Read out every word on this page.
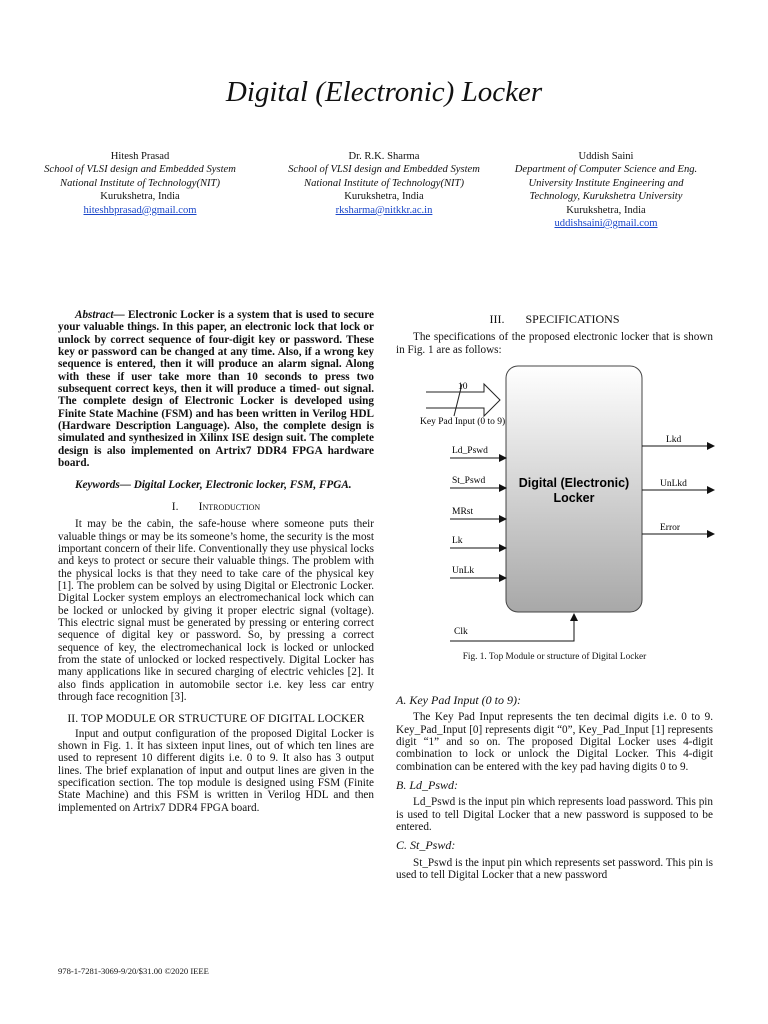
Digital (Electronic) Locker
Hitesh Prasad
School of VLSI design and Embedded System
National Institute of Technology(NIT)
Kurukshetra, India
hiteshbprasad@gmail.com
Dr. R.K. Sharma
School of VLSI design and Embedded System
National Institute of Technology(NIT)
Kurukshetra, India
rksharma@nitkkr.ac.in
Uddish Saini
Department of Computer Science and Eng.
University Institute Engineering and
Technology, Kurukshetra University
Kurukshetra, India
uddishsaini@gmail.com

Abstract— Electronic Locker is a system that is used to secure your valuable things. In this paper, an electronic lock that lock or unlock by correct sequence of four-digit key or password. These key or password can be changed at any time. Also, if a wrong key sequence is entered, then it will produce an alarm signal. Along with these if user take more than 10 seconds to press two subsequent correct keys, then it will produce a timed- out signal. The complete design of Electronic Locker is developed using Finite State Machine (FSM) and has been written in Verilog HDL (Hardware Description Language). Also, the complete design is simulated and synthesized in Xilinx ISE design suit. The complete design is also implemented on Artrix7 DDR4 FPGA hardware board.

Keywords— Digital Locker, Electronic locker, FSM, FPGA.

I. Introduction

It may be the cabin, the safe-house where someone puts their valuable things or may be its someone’s home, the security is the most important concern of their life. Conventionally they use physical locks and keys to protect or secure their valuable things. The problem with the physical locks is that they need to take care of the physical key [1]. The problem can be solved by using Digital or Electronic Locker. Digital Locker system employs an electromechanical lock which can be locked or unlocked by giving it proper electric signal (voltage). This electric signal must be generated by pressing or entering correct sequence of digital key or password. So, by pressing a correct sequence of key, the electromechanical lock is locked or unlocked from the state of unlocked or locked respectively. Digital Locker has many applications like in secured charging of electric vehicles [2]. It also finds application in automobile sector i.e. key less car entry through face recognition [3].

II. TOP MODULE OR STRUCTURE OF DIGITAL LOCKER

Input and output configuration of the proposed Digital Locker is shown in Fig. 1. It has sixteen input lines, out of which ten lines are used to represent 10 different digits i.e. 0 to 9. It also has 3 output lines. The brief explanation of input and output lines are given in the specification section. The top module is designed using FSM (Finite State Machine) and this FSM is written in Verilog HDL and then implemented on Artrix7 DDR4 FPGA board.

III. SPECIFICATIONS

The specifications of the proposed electronic locker that is shown in Fig. 1 are as follows:

Digital (Electronic)
Locker
10
Key Pad Input (0 to 9)
Ld_Pswd
St_Pswd
MRst
Lk
UnLk
Clk
Lkd
UnLkd
Error
Fig. 1. Top Module or structure of Digital Locker
A. Key Pad Input (0 to 9):

The Key Pad Input represents the ten decimal digits i.e. 0 to 9. Key_Pad_Input [0] represents digit “0”, Key_Pad_Input [1] represents digit “1” and so on. The proposed Digital Locker uses 4-digit combination to lock or unlock the Digital Locker. This 4-digit combination can be entered with the key pad having digits 0 to 9.

B. Ld_Pswd:

Ld_Pswd is the input pin which represents load password. This pin is used to tell Digital Locker that a new password is supposed to be entered.

C. St_Pswd:

St_Pswd is the input pin which represents set password. This pin is used to tell Digital Locker that a new password

978-1-7281-3069-9/20/$31.00 ©2020 IEEE
